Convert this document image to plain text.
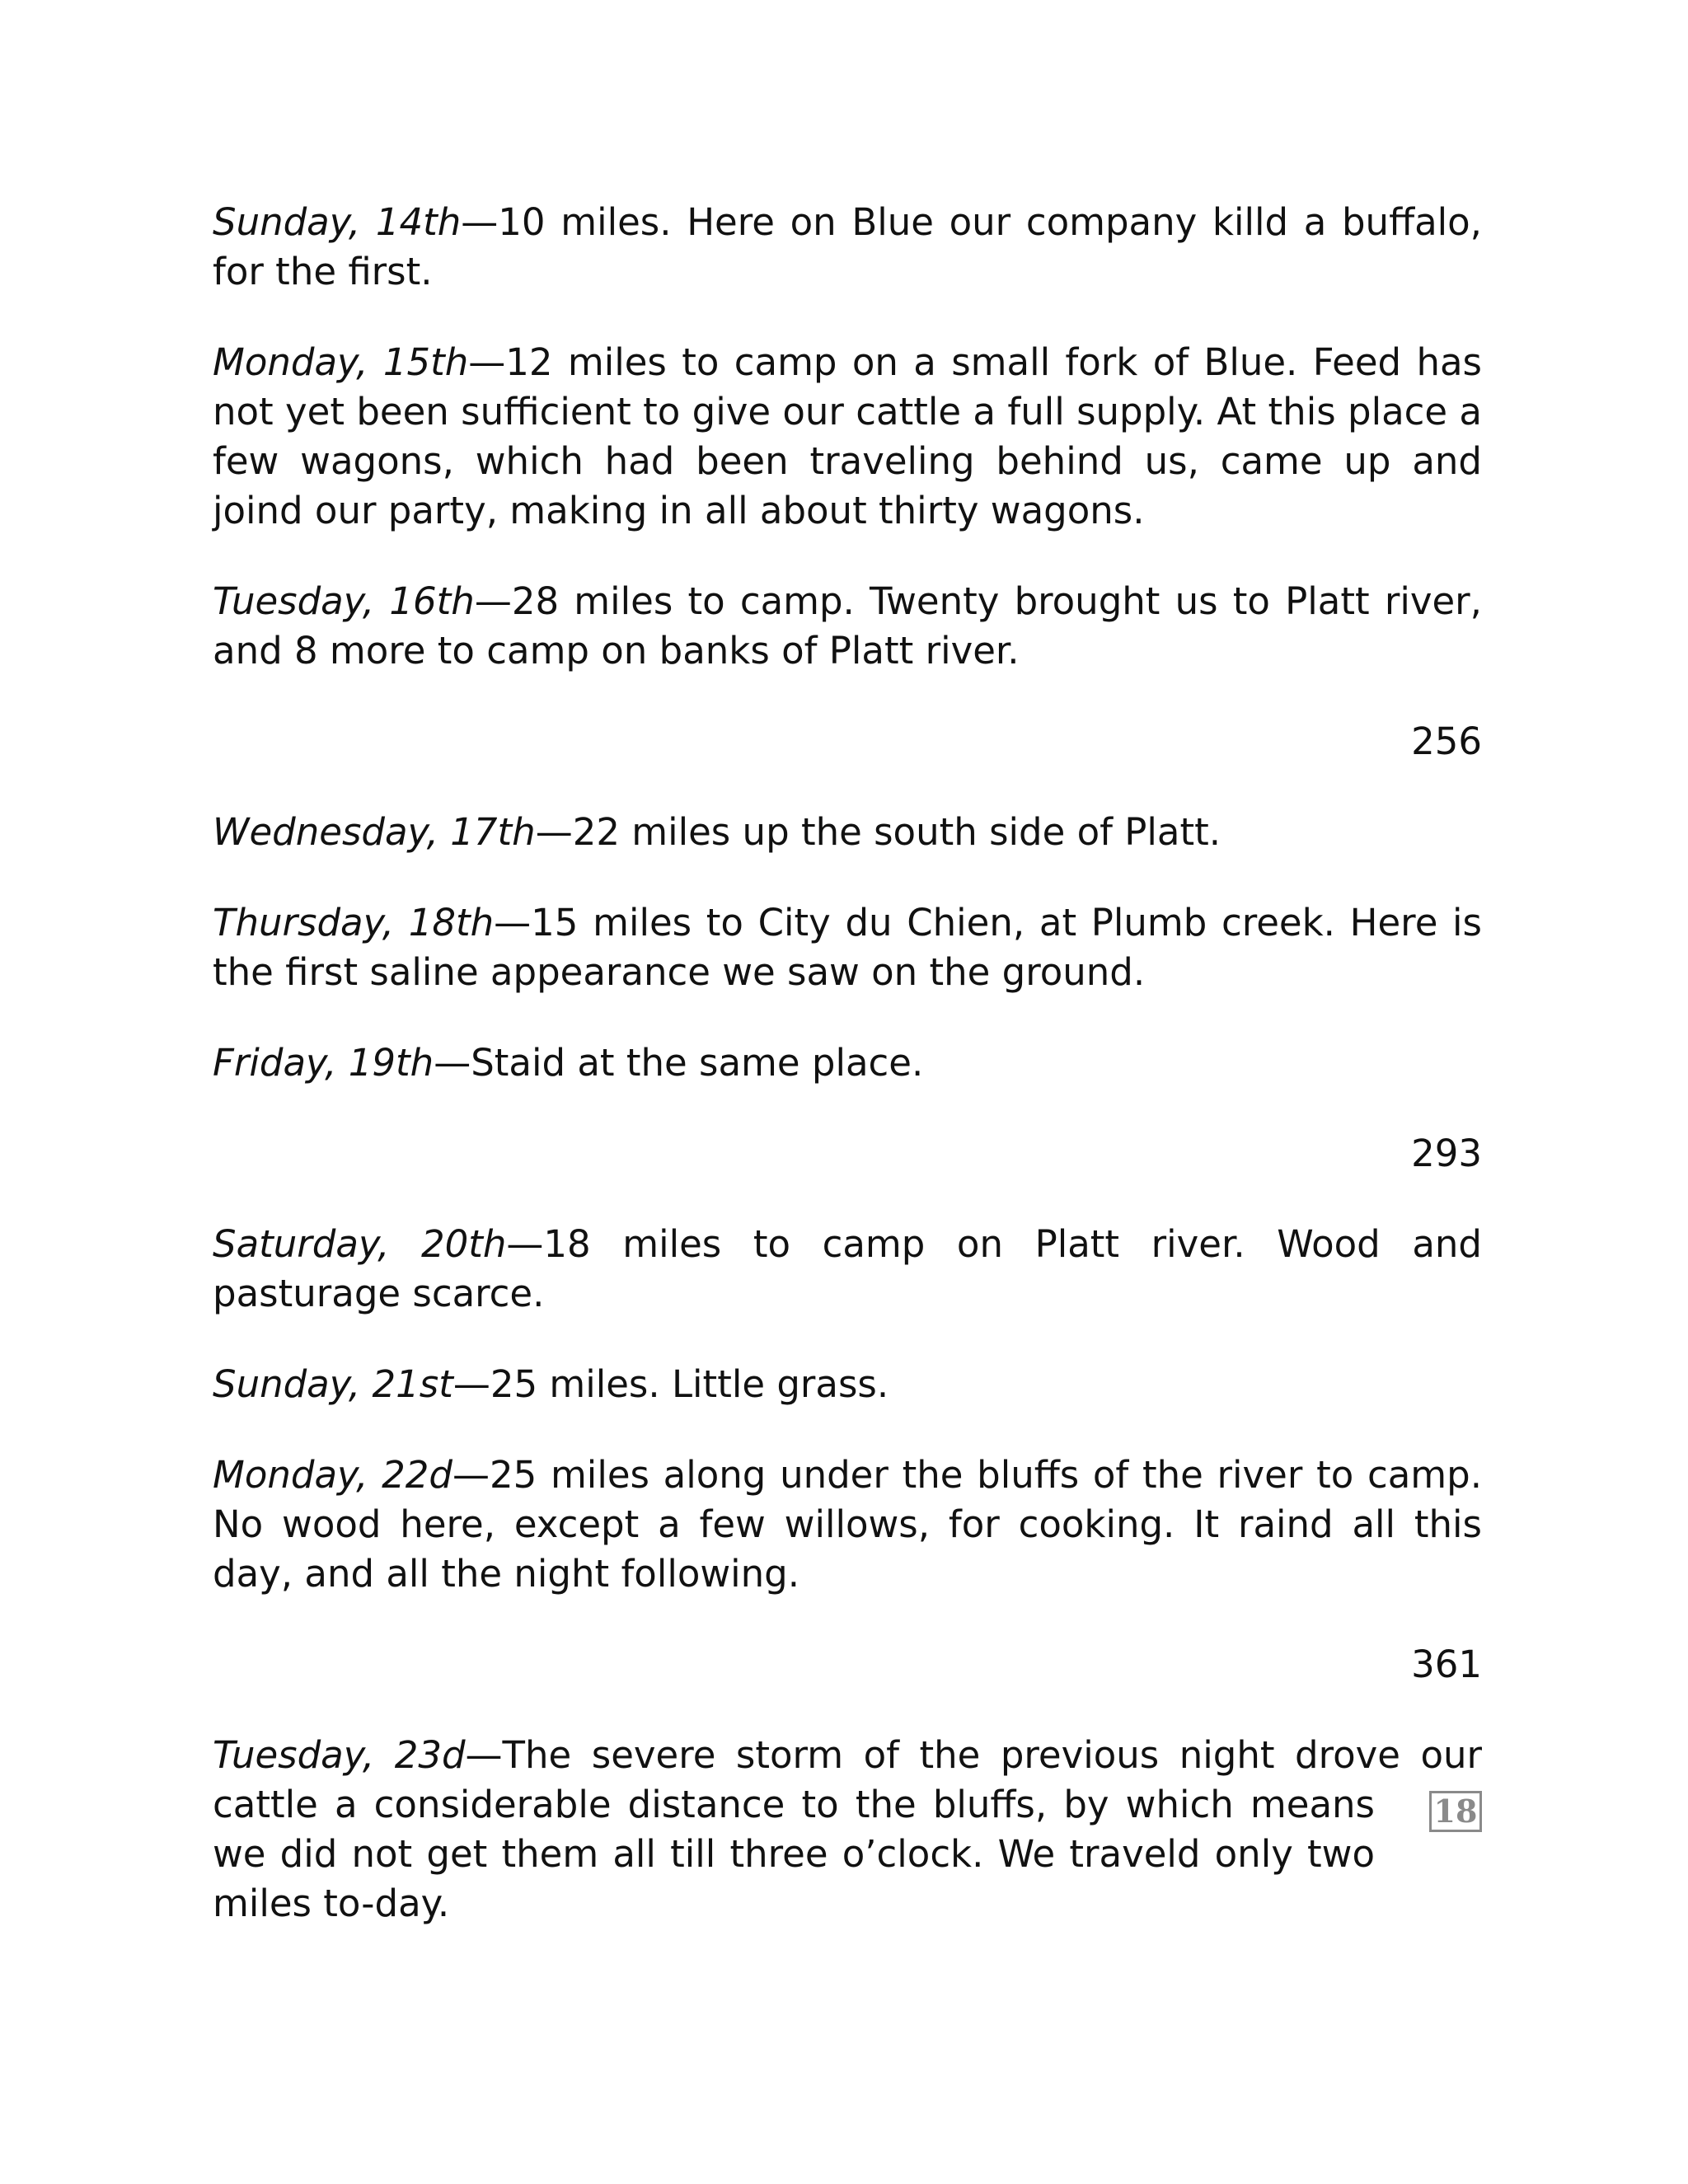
Sunday, 14th—10 miles. Here on Blue our company killd a buffalo, for the first.

Monday, 15th—12 miles to camp on a small fork of Blue. Feed has not yet been sufficient to give our cattle a full supply. At this place a few wagons, which had been traveling behind us, came up and joind our party, making in all about thirty wagons.

Tuesday, 16th—28 miles to camp. Twenty brought us to Platt river, and 8 more to camp on banks of Platt river.

256

Wednesday, 17th—22 miles up the south side of Platt.

Thursday, 18th—15 miles to City du Chien, at Plumb creek. Here is the first saline appearance we saw on the ground.

Friday, 19th—Staid at the same place.

293

Saturday, 20th—18 miles to camp on Platt river. Wood and pasturage scarce.

Sunday, 21st—25 miles. Little grass.

Monday, 22d—25 miles along under the bluffs of the river to camp. No wood here, except a few willows, for cooking. It raind all this day, and all the night following.

361

Tuesday, 23d—The severe storm of the previous night drove our
cattle a considerable distance to the bluffs, by which means we did not get them all till three o’clock. We traveld only two miles to-day.
18
